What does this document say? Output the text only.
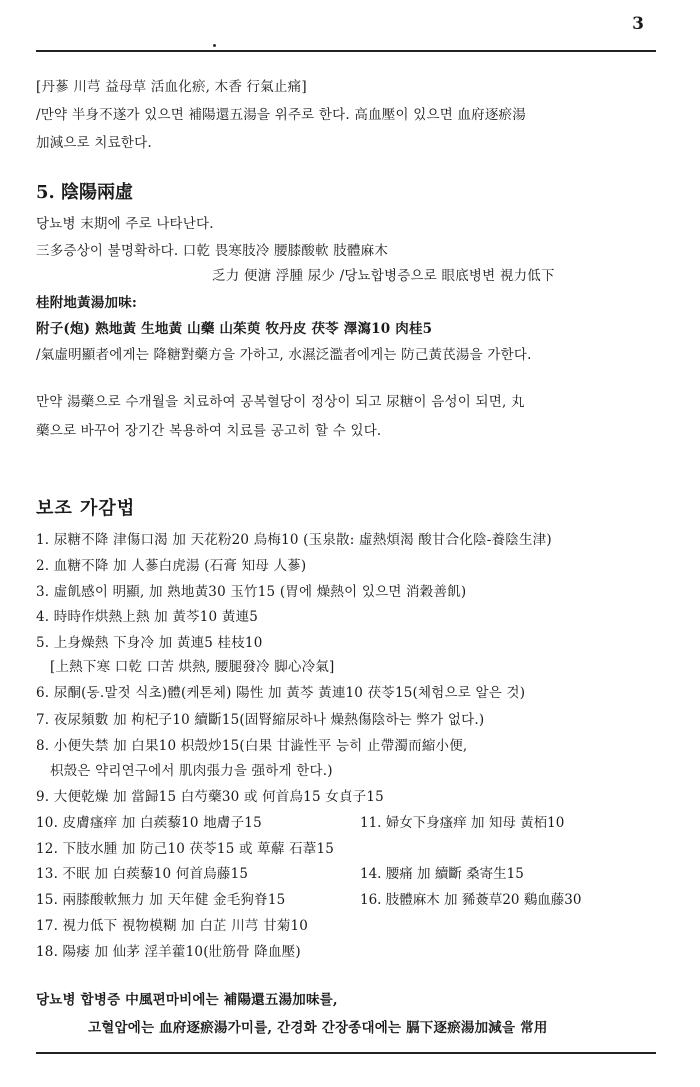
3
[丹蔘 川芎 益母草 活血化瘀, 木香 行氣止痛]
/만약 半身不遂가 있으면 補陽還五湯을 위주로 한다. 高血壓이 있으면 血府逐瘀湯
加減으로 치료한다.
5. 陰陽兩虛
당뇨병 末期에 주로 나타난다.
三多증상이 불명확하다. 口乾 畏寒肢冷 腰膝酸軟 肢體麻木
乏力 便溏 浮腫 尿少 /당뇨합병증으로 眼底병변 視力低下
桂附地黃湯加味:
附子(炮) 熟地黃 生地黃 山藥 山茱萸 牧丹皮 茯苓 澤瀉10 肉桂5
/氣虛明顯者에게는 降糖對藥方을 가하고, 水濕泛濫者에게는 防己黃芪湯을 가한다.
만약 湯藥으로 수개월을 치료하여 공복혈당이 정상이 되고 尿糖이 음성이 되면, 丸
藥으로 바꾸어 장기간 복용하여 치료를 공고히 할 수 있다.
보조 가감법
1. 尿糖不降 津傷口渴 加 天花粉20 烏梅10 (玉泉散: 虛熱煩渴 酸甘合化陰-養陰生津)
2. 血糖不降 加 人蔘白虎湯 (石膏 知母 人蔘)
3. 虛飢感이 明顯, 加 熟地黃30 玉竹15 (胃에 燥熱이 있으면 消穀善飢)
4. 時時作烘熱上熱 加 黃芩10 黃連5
5. 上身燥熱 下身冷 加 黃連5 桂枝10
[上熱下寒 口乾 口苦 烘熱, 腰腿發冷 脚心冷氣]
6. 尿酮(동.말젓 식초)體(케톤체) 陽性 加 黃芩 黃連10 茯苓15(체험으로 알은 것)
7. 夜尿頻數 加 枸杞子10 續斷15(固腎縮尿하나 燥熱傷陰하는 弊가 없다.)
8. 小便失禁 加 白果10 枳殼炒15(白果 甘澁性平 능히 止帶濁而縮小便,
枳殼은 약리연구에서 肌肉張力을 强하게 한다.)
9. 大便乾燥 加 當歸15 白芍藥30 或 何首烏15 女貞子15
10. 皮膚瘙痒 加 白蒺藜10 地膚子15	11. 婦女下身瘙痒 加 知母 黃栢10
12. 下肢水腫 加 防己10 茯苓15 或 萆薢 石葦15
13. 不眠 加 白蒺藜10 何首烏藤15	14. 腰痛 加 續斷 桑寄生15
15. 兩膝酸軟無力 加 天年健 金毛狗脊15	16. 肢體麻木 加 豨薟草20 鷄血藤30
17. 視力低下 視物模糊 加 白芷 川芎 甘菊10
18. 陽痿 加 仙茅 淫羊藿10(壯筋骨 降血壓)
당뇨병 합병증 中風편마비에는 補陽還五湯加味를,
고혈압에는 血府逐瘀湯가미를, 간경화 간장종대에는 膈下逐瘀湯加減을 常用
